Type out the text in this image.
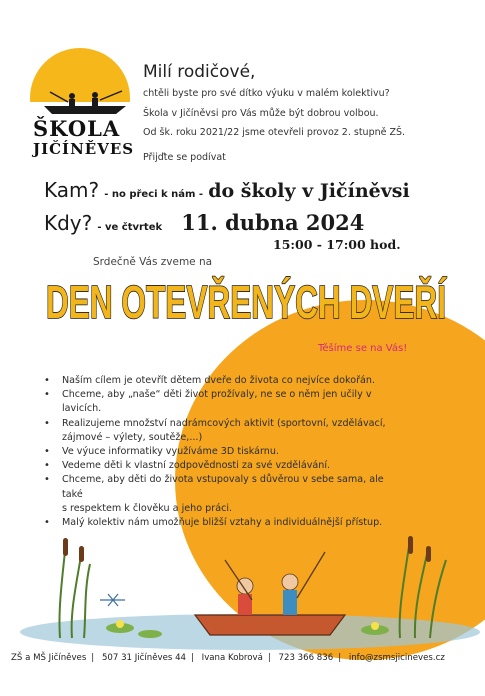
ŠKOLA
JIČÍNĚVES
Milí rodičové,
chtěli byste pro své dítko výuku v malém kolektivu?
Škola v Jičíněvsi pro Vás může být dobrou volbou.
Od šk. roku 2021/22 jsme otevřeli provoz 2. stupně ZŠ.
Přijďte se podívat
Kam? - no přeci k nám - do školy v Jičíněvsi
Kdy? - ve čtvrtek 11. dubna 2024
15:00 - 17:00 hod.
Srdečně Vás zveme na
DEN OTEVŘENÝCH DVEŘÍ
Těšíme se na Vás!
• Naším cílem je otevřít dětem dveře do života co nejvíce dokořán.
• Chceme, aby „naše“ děti život prožívaly, ne se o něm jen učily v lavicích.
• Realizujeme množství nadrámcových aktivit (sportovní, vzdělávací,
zájmové – výlety, soutěže,...)
• Ve výuce informatiky využíváme 3D tiskárnu.
• Vedeme děti k vlastní zodpovědnosti za své vzdělávání.
• Chceme, aby děti do života vstupovaly s důvěrou v sebe sama, ale také
s respektem k člověku a jeho práci.
• Malý kolektiv nám umožňuje bližší vztahy a individuálnější přístup.
ZŠ a MŠ Jičíněves | 507 31 Jičíněves 44 | Ivana Kobrová | 723 366 836 | info@zsmsjicineves.cz
